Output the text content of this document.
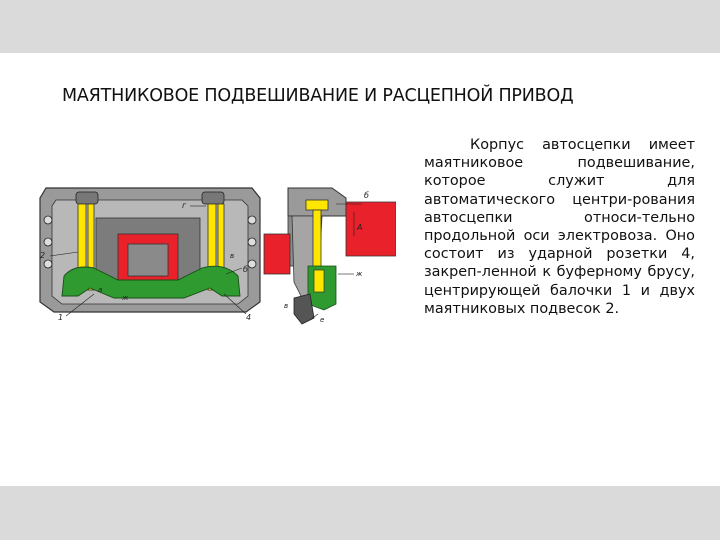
МАЯТНИКОВОЕ ПОДВЕШИВАНИЕ И РАСЦЕПНОЙ ПРИВОД
Корпус автосцепки имеет маятниковое подвешивание, которое служит для автоматического центри-рования автосцепки относи-тельно продольной оси электровоза. Оно состоит из ударной розетки 4, закреп-ленной к буферному брусу, центрирующей балочки 1 и двух маятниковых подвесок 2.
2
1	4
б
г
ж
в
а
б
А
ж
в
е
